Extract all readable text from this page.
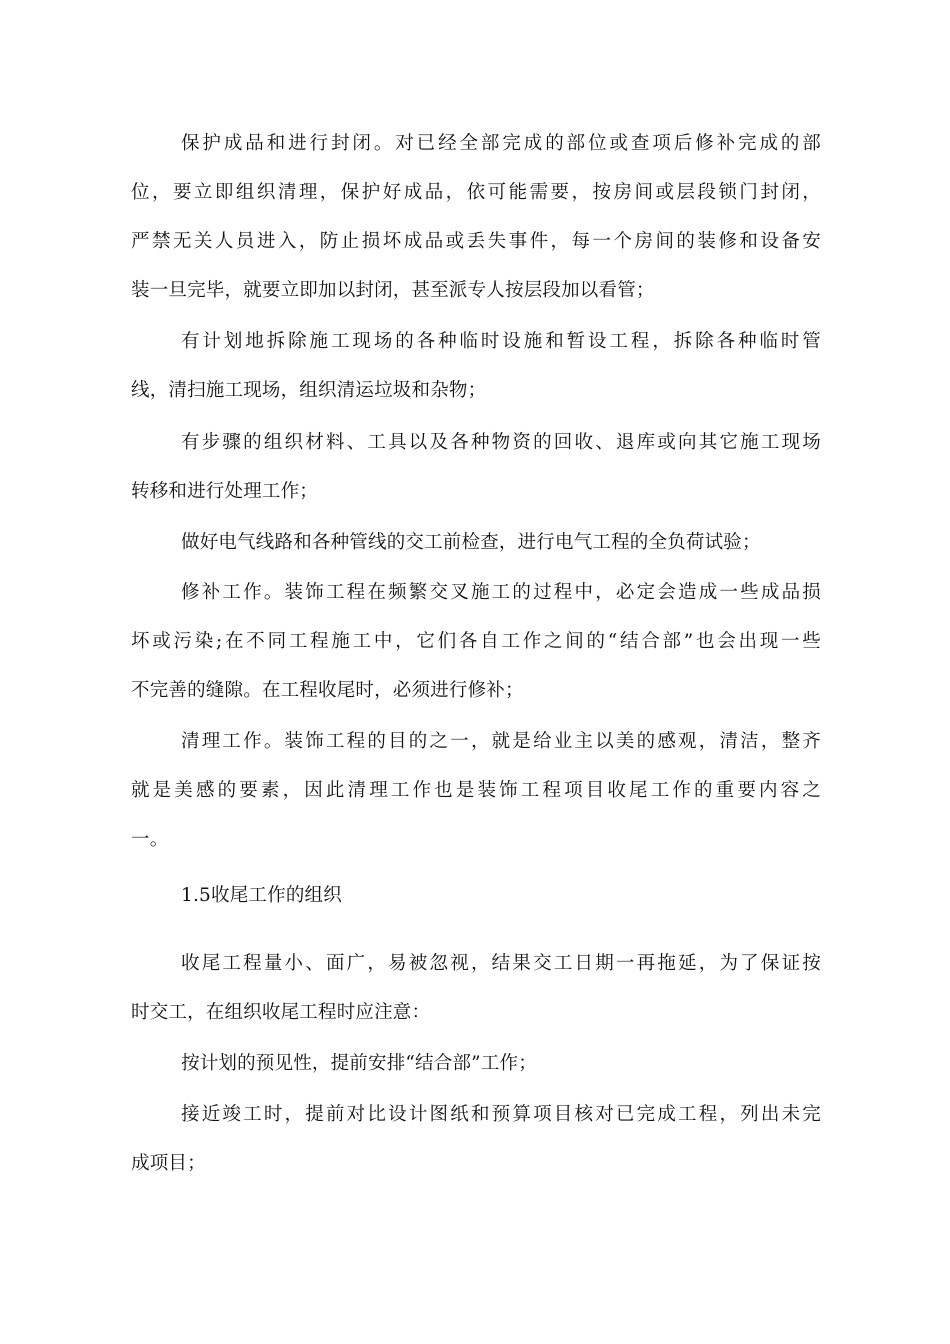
保护成品和进行封闭。对已经全部完成的部位或查项后修补完成的部
位，要立即组织清理，保护好成品，依可能需要，按房间或层段锁门封闭，
严禁无关人员进入，防止损坏成品或丢失事件，每一个房间的装修和设备安
装一旦完毕，就要立即加以封闭，甚至派专人按层段加以看管；
有计划地拆除施工现场的各种临时设施和暂设工程，拆除各种临时管
线，清扫施工现场，组织清运垃圾和杂物；
有步骤的组织材料、工具以及各种物资的回收、退库或向其它施工现场
转移和进行处理工作；
做好电气线路和各种管线的交工前检查，进行电气工程的全负荷试验；
修补工作。装饰工程在频繁交叉施工的过程中，必定会造成一些成品损
坏或污染;在不同工程施工中，它们各自工作之间的“结合部”也会出现一些
不完善的缝隙。在工程收尾时，必须进行修补；
清理工作。装饰工程的目的之一，就是给业主以美的感观，清洁，整齐
就是美感的要素，因此清理工作也是装饰工程项目收尾工作的重要内容之
一。
1.5收尾工作的组织
收尾工程量小、面广，易被忽视，结果交工日期一再拖延，为了保证按
时交工，在组织收尾工程时应注意：
按计划的预见性，提前安排“结合部”工作；
接近竣工时，提前对比设计图纸和预算项目核对已完成工程，列出未完
成项目；
